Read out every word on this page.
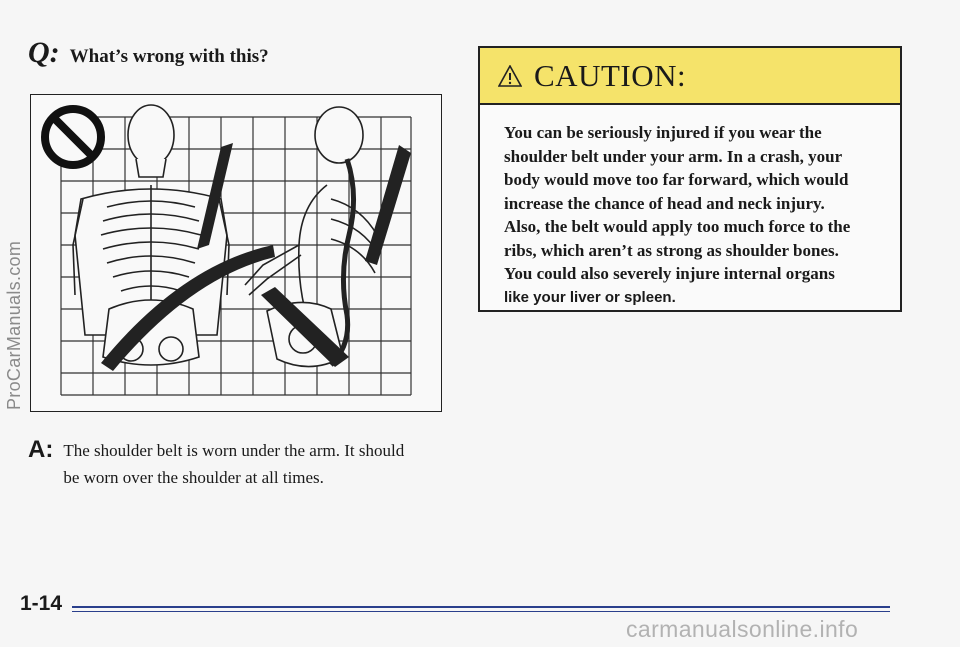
Q: What’s wrong with this?
ProCarManuals.com
A: The shoulder belt is worn under the arm. It should
be worn over the shoulder at all times.
CAUTION:
You can be seriously injured if you wear the
shoulder belt under your arm. In a crash, your
body would move too far forward, which would
increase the chance of head and neck injury.
Also, the belt would apply too much force to the
ribs, which aren’t as strong as shoulder bones.
You could also severely injure internal organs
like your liver or spleen.
1-14
carmanualsonline.info
